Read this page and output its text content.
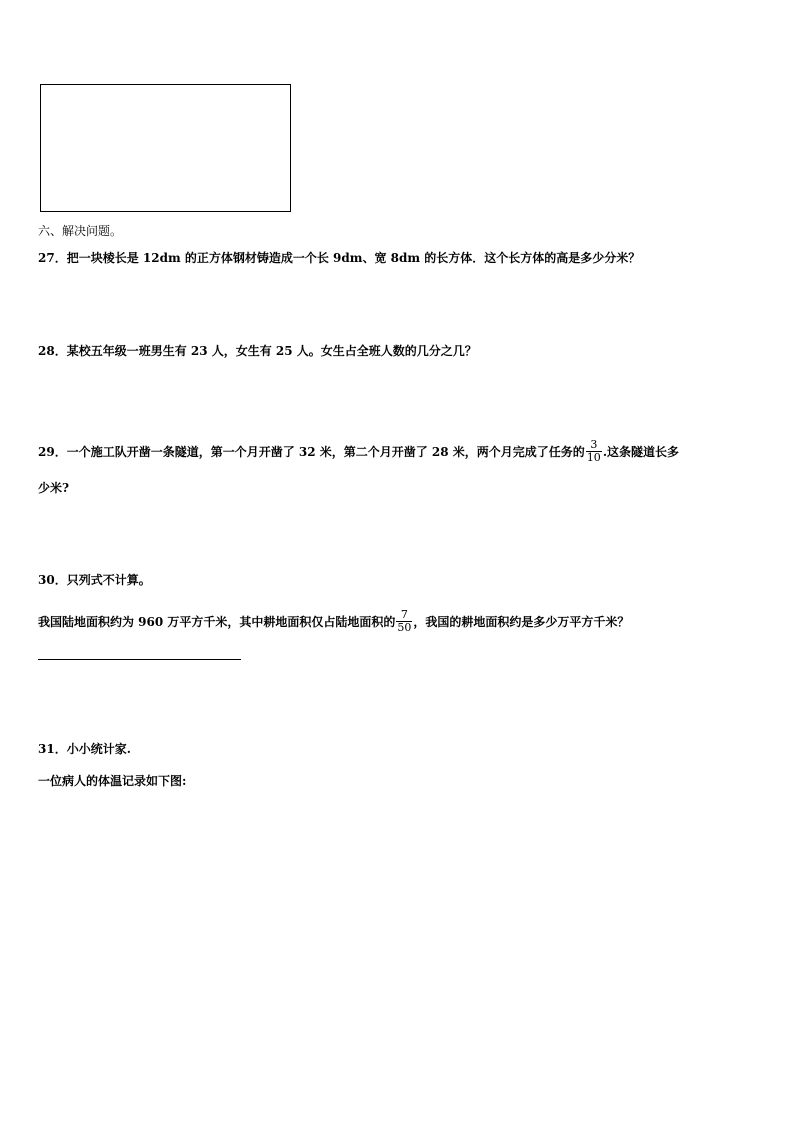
六、解决问题。
27．把一块棱长是 12dm 的正方体钢材铸造成一个长 9dm、宽 8dm 的长方体．这个长方体的高是多少分米？
28．某校五年级一班男生有 23 人，女生有 25 人。女生占全班人数的几分之几？
29．一个施工队开凿一条隧道，第一个月开凿了 32 米，第二个月开凿了 28 米，两个月完成了任务的 $\frac{3}{10}$ .这条隧道长多
少米?
30．只列式不计算。
我国陆地面积约为 960 万平方千米，其中耕地面积仅占陆地面积的 $\frac{7}{50}$ ，我国的耕地面积约是多少万平方千米？
31．小小统计家.
一位病人的体温记录如下图:
